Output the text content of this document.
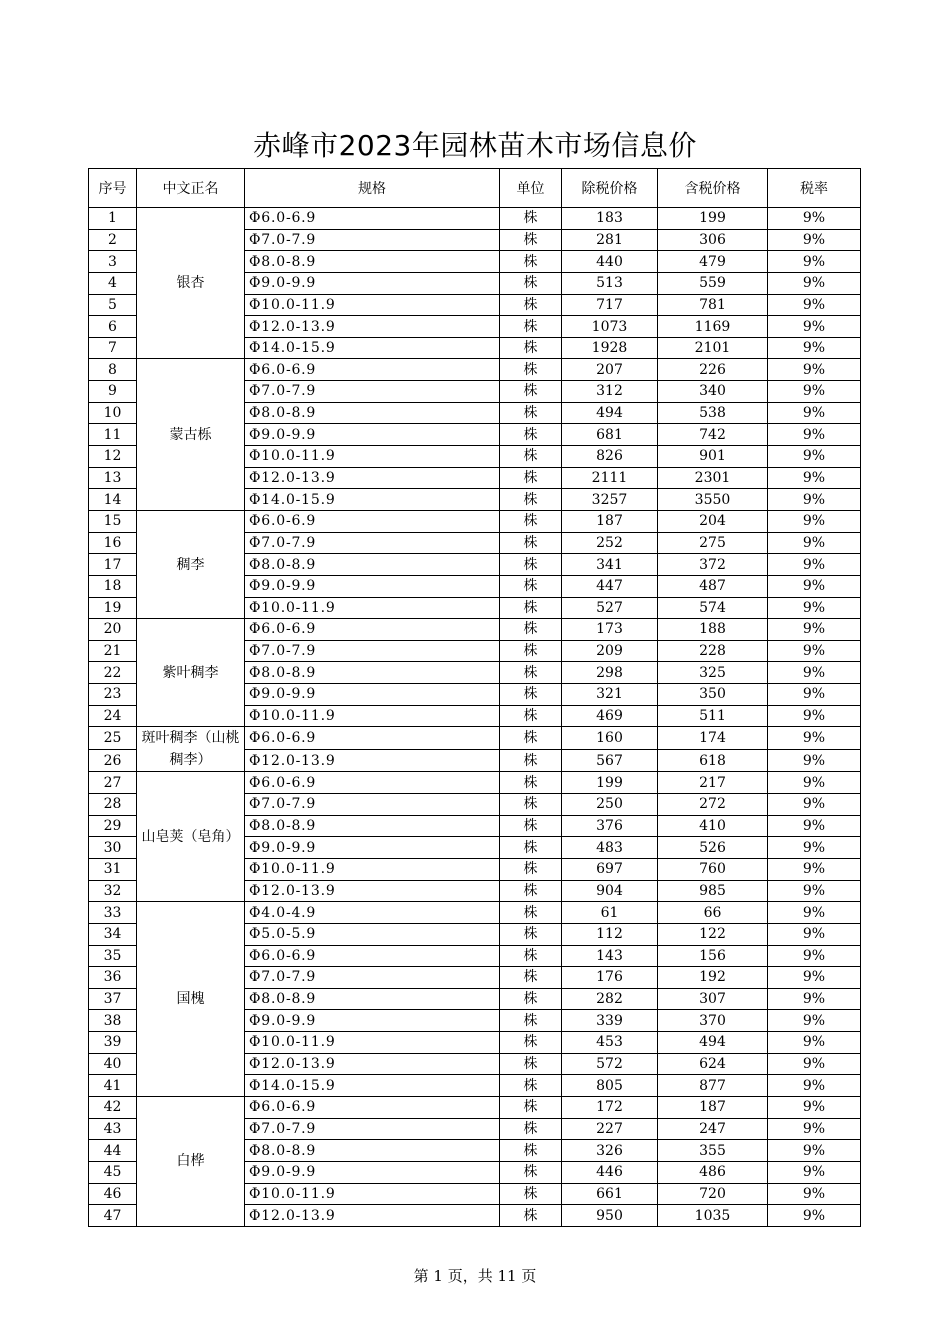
赤峰市2023年园林苗木市场信息价
序号	中文正名	规格	单位	除税价格	含税价格	税率
1	银杏	Φ6.0-6.9	株	183	199	9%
2		Φ7.0-7.9	株	281	306	9%
3		Φ8.0-8.9	株	440	479	9%
4		Φ9.0-9.9	株	513	559	9%
5		Φ10.0-11.9	株	717	781	9%
6		Φ12.0-13.9	株	1073	1169	9%
7		Φ14.0-15.9	株	1928	2101	9%
8	蒙古栎	Φ6.0-6.9	株	207	226	9%
9		Φ7.0-7.9	株	312	340	9%
10		Φ8.0-8.9	株	494	538	9%
11		Φ9.0-9.9	株	681	742	9%
12		Φ10.0-11.9	株	826	901	9%
13		Φ12.0-13.9	株	2111	2301	9%
14		Φ14.0-15.9	株	3257	3550	9%
15	稠李	Φ6.0-6.9	株	187	204	9%
16		Φ7.0-7.9	株	252	275	9%
17		Φ8.0-8.9	株	341	372	9%
18		Φ9.0-9.9	株	447	487	9%
19		Φ10.0-11.9	株	527	574	9%
20	紫叶稠李	Φ6.0-6.9	株	173	188	9%
21		Φ7.0-7.9	株	209	228	9%
22		Φ8.0-8.9	株	298	325	9%
23		Φ9.0-9.9	株	321	350	9%
24		Φ10.0-11.9	株	469	511	9%
25	斑叶稠李（山桃稠李）	Φ6.0-6.9	株	160	174	9%
26		Φ12.0-13.9	株	567	618	9%
27	山皂荚（皂角）	Φ6.0-6.9	株	199	217	9%
28		Φ7.0-7.9	株	250	272	9%
29		Φ8.0-8.9	株	376	410	9%
30		Φ9.0-9.9	株	483	526	9%
31		Φ10.0-11.9	株	697	760	9%
32		Φ12.0-13.9	株	904	985	9%
33	国槐	Φ4.0-4.9	株	61	66	9%
34		Φ5.0-5.9	株	112	122	9%
35		Φ6.0-6.9	株	143	156	9%
36		Φ7.0-7.9	株	176	192	9%
37		Φ8.0-8.9	株	282	307	9%
38		Φ9.0-9.9	株	339	370	9%
39		Φ10.0-11.9	株	453	494	9%
40		Φ12.0-13.9	株	572	624	9%
41		Φ14.0-15.9	株	805	877	9%
42	白桦	Φ6.0-6.9	株	172	187	9%
43		Φ7.0-7.9	株	227	247	9%
44		Φ8.0-8.9	株	326	355	9%
45		Φ9.0-9.9	株	446	486	9%
46		Φ10.0-11.9	株	661	720	9%
47		Φ12.0-13.9	株	950	1035	9%
第 1 页，共 11 页
